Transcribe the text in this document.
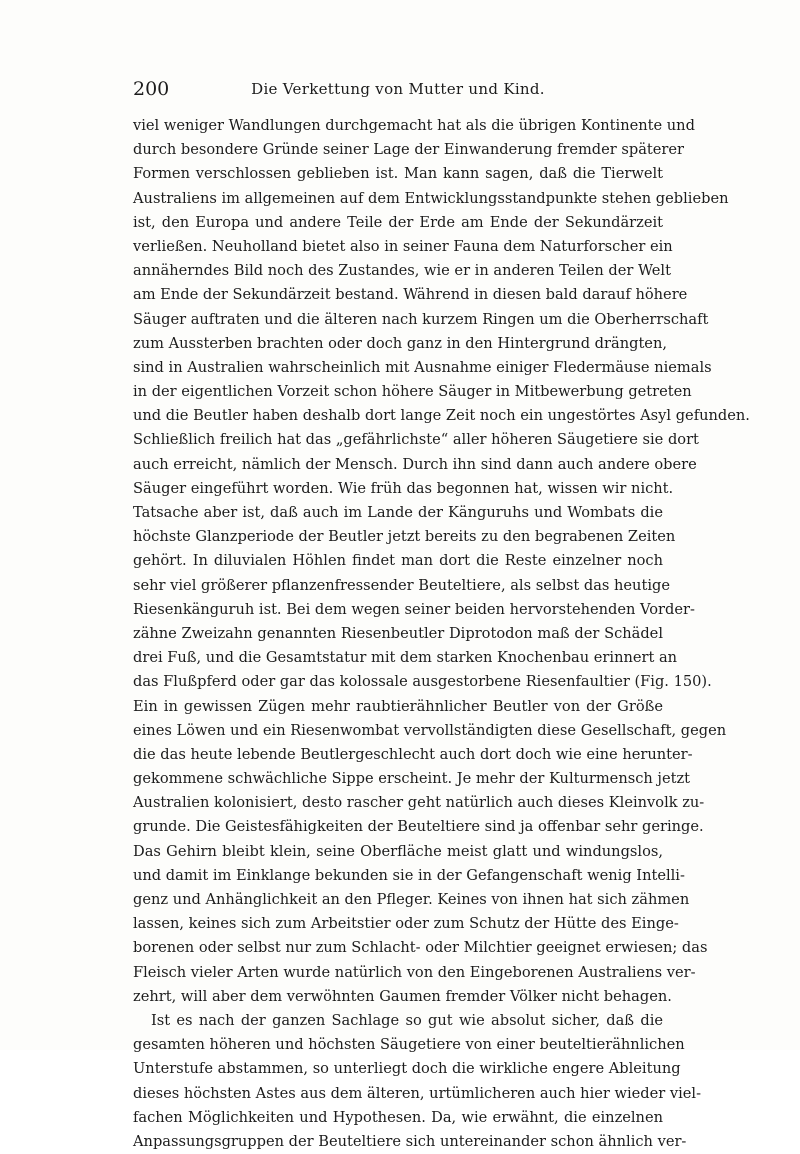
200	Die Verkettung von Mutter und Kind.
viel weniger Wandlungen durchgemacht hat als die übrigen Kontinente und
durch besondere Gründe seiner Lage der Einwanderung fremder späterer
Formen verschlossen geblieben ist. Man kann sagen, daß die Tierwelt
Australiens im allgemeinen auf dem Entwicklungsstandpunkte stehen geblieben
ist, den Europa und andere Teile der Erde am Ende der Sekundärzeit
verließen. Neuholland bietet also in seiner Fauna dem Naturforscher ein
annäherndes Bild noch des Zustandes, wie er in anderen Teilen der Welt
am Ende der Sekundärzeit bestand. Während in diesen bald darauf höhere
Säuger auftraten und die älteren nach kurzem Ringen um die Oberherrschaft
zum Aussterben brachten oder doch ganz in den Hintergrund drängten,
sind in Australien wahrscheinlich mit Ausnahme einiger Fledermäuse niemals
in der eigentlichen Vorzeit schon höhere Säuger in Mitbewerbung getreten
und die Beutler haben deshalb dort lange Zeit noch ein ungestörtes Asyl gefunden.
Schließlich freilich hat das „gefährlichste“ aller höheren Säugetiere sie dort
auch erreicht, nämlich der Mensch. Durch ihn sind dann auch andere obere
Säuger eingeführt worden. Wie früh das begonnen hat, wissen wir nicht.
Tatsache aber ist, daß auch im Lande der Känguruhs und Wombats die
höchste Glanzperiode der Beutler jetzt bereits zu den begrabenen Zeiten
gehört. In diluvialen Höhlen findet man dort die Reste einzelner noch
sehr viel größerer pflanzenfressender Beuteltiere, als selbst das heutige
Riesenkänguruh ist. Bei dem wegen seiner beiden hervorstehenden Vorder-
zähne Zweizahn genannten Riesenbeutler Diprotodon maß der Schädel
drei Fuß, und die Gesamtstatur mit dem starken Knochenbau erinnert an
das Flußpferd oder gar das kolossale ausgestorbene Riesenfaultier (Fig. 150).
Ein in gewissen Zügen mehr raubtierähnlicher Beutler von der Größe
eines Löwen und ein Riesenwombat vervollständigten diese Gesellschaft, gegen
die das heute lebende Beutlergeschlecht auch dort doch wie eine herunter-
gekommene schwächliche Sippe erscheint. Je mehr der Kulturmensch jetzt
Australien kolonisiert, desto rascher geht natürlich auch dieses Kleinvolk zu-
grunde. Die Geistesfähigkeiten der Beuteltiere sind ja offenbar sehr geringe.
Das Gehirn bleibt klein, seine Oberfläche meist glatt und windungslos,
und damit im Einklange bekunden sie in der Gefangenschaft wenig Intelli-
genz und Anhänglichkeit an den Pfleger. Keines von ihnen hat sich zähmen
lassen, keines sich zum Arbeitstier oder zum Schutz der Hütte des Einge-
borenen oder selbst nur zum Schlacht- oder Milchtier geeignet erwiesen; das
Fleisch vieler Arten wurde natürlich von den Eingeborenen Australiens ver-
zehrt, will aber dem verwöhnten Gaumen fremder Völker nicht behagen.
Ist es nach der ganzen Sachlage so gut wie absolut sicher, daß die
gesamten höheren und höchsten Säugetiere von einer beuteltierähnlichen
Unterstufe abstammen, so unterliegt doch die wirkliche engere Ableitung
dieses höchsten Astes aus dem älteren, urtümlicheren auch hier wieder viel-
fachen Möglichkeiten und Hypothesen. Da, wie erwähnt, die einzelnen
Anpassungsgruppen der Beuteltiere sich untereinander schon ähnlich ver-
